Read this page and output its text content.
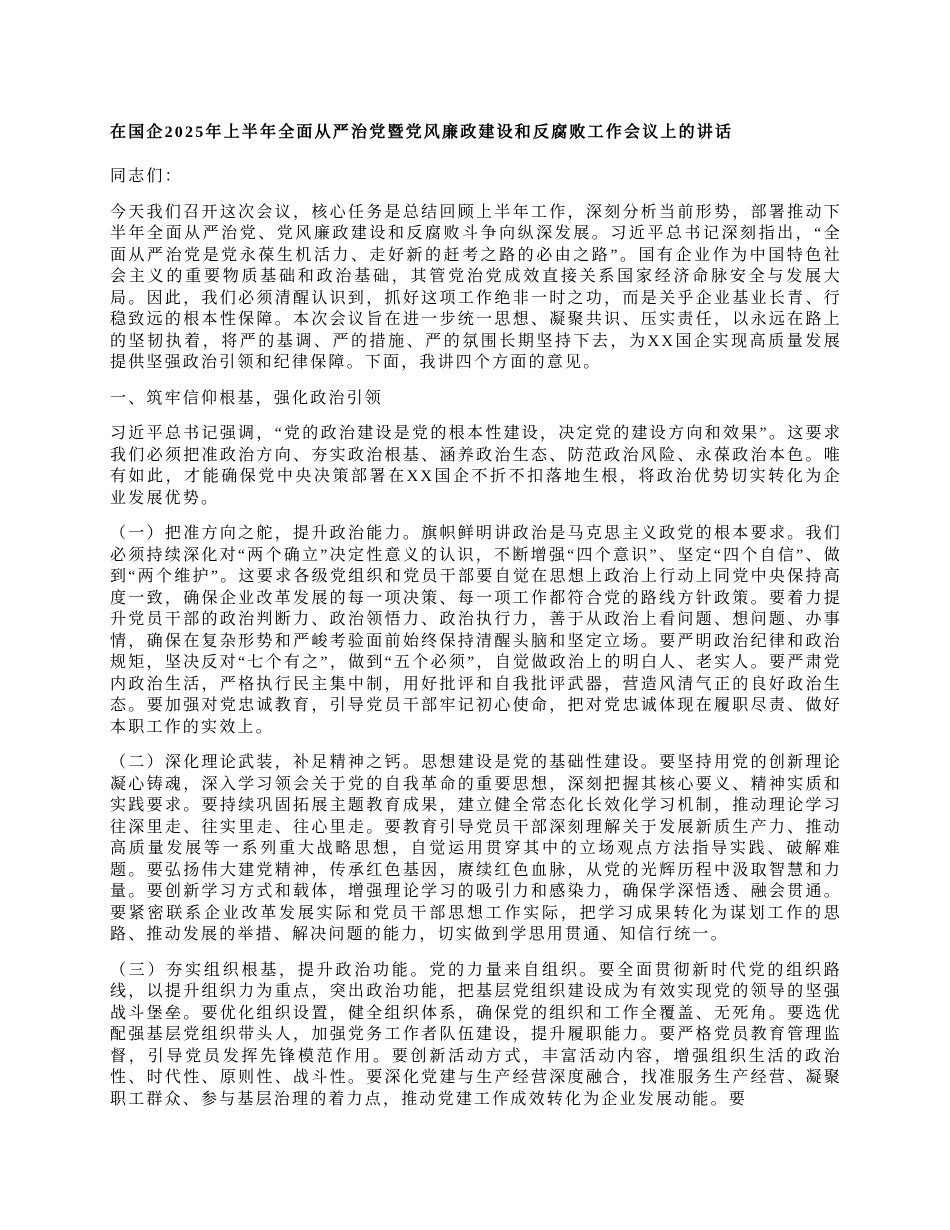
在国企2025年上半年全面从严治党暨党风廉政建设和反腐败工作会议上的讲话

同志们：

今天我们召开这次会议，核心任务是总结回顾上半年工作，深刻分析当前形势，部署推动下半年全面从严治党、党风廉政建设和反腐败斗争向纵深发展。习近平总书记深刻指出，“全面从严治党是党永葆生机活力、走好新的赶考之路的必由之路”。国有企业作为中国特色社会主义的重要物质基础和政治基础，其管党治党成效直接关系国家经济命脉安全与发展大局。因此，我们必须清醒认识到，抓好这项工作绝非一时之功，而是关乎企业基业长青、行稳致远的根本性保障。本次会议旨在进一步统一思想、凝聚共识、压实责任，以永远在路上的坚韧执着，将严的基调、严的措施、严的氛围长期坚持下去，为XX国企实现高质量发展提供坚强政治引领和纪律保障。下面，我讲四个方面的意见。

一、筑牢信仰根基，强化政治引领

习近平总书记强调，“党的政治建设是党的根本性建设，决定党的建设方向和效果”。这要求我们必须把准政治方向、夯实政治根基、涵养政治生态、防范政治风险、永葆政治本色。唯有如此，才能确保党中央决策部署在XX国企不折不扣落地生根，将政治优势切实转化为企业发展优势。

（一）把准方向之舵，提升政治能力。旗帜鲜明讲政治是马克思主义政党的根本要求。我们必须持续深化对“两个确立”决定性意义的认识，不断增强“四个意识”、坚定“四个自信”、做到“两个维护”。这要求各级党组织和党员干部要自觉在思想上政治上行动上同党中央保持高度一致，确保企业改革发展的每一项决策、每一项工作都符合党的路线方针政策。要着力提升党员干部的政治判断力、政治领悟力、政治执行力，善于从政治上看问题、想问题、办事情，确保在复杂形势和严峻考验面前始终保持清醒头脑和坚定立场。要严明政治纪律和政治规矩，坚决反对“七个有之”，做到“五个必须”，自觉做政治上的明白人、老实人。要严肃党内政治生活，严格执行民主集中制，用好批评和自我批评武器，营造风清气正的良好政治生态。要加强对党忠诚教育，引导党员干部牢记初心使命，把对党忠诚体现在履职尽责、做好本职工作的实效上。

（二）深化理论武装，补足精神之钙。思想建设是党的基础性建设。要坚持用党的创新理论凝心铸魂，深入学习领会关于党的自我革命的重要思想，深刻把握其核心要义、精神实质和实践要求。要持续巩固拓展主题教育成果，建立健全常态化长效化学习机制，推动理论学习往深里走、往实里走、往心里走。要教育引导党员干部深刻理解关于发展新质生产力、推动高质量发展等一系列重大战略思想，自觉运用贯穿其中的立场观点方法指导实践、破解难题。要弘扬伟大建党精神，传承红色基因，赓续红色血脉，从党的光辉历程中汲取智慧和力量。要创新学习方式和载体，增强理论学习的吸引力和感染力，确保学深悟透、融会贯通。要紧密联系企业改革发展实际和党员干部思想工作实际，把学习成果转化为谋划工作的思路、推动发展的举措、解决问题的能力，切实做到学思用贯通、知信行统一。

（三）夯实组织根基，提升政治功能。党的力量来自组织。要全面贯彻新时代党的组织路线，以提升组织力为重点，突出政治功能，把基层党组织建设成为有效实现党的领导的坚强战斗堡垒。要优化组织设置，健全组织体系，确保党的组织和工作全覆盖、无死角。要选优配强基层党组织带头人，加强党务工作者队伍建设，提升履职能力。要严格党员教育管理监督，引导党员发挥先锋模范作用。要创新活动方式，丰富活动内容，增强组织生活的政治性、时代性、原则性、战斗性。要深化党建与生产经营深度融合，找准服务生产经营、凝聚职工群众、参与基层治理的着力点，推动党建工作成效转化为企业发展动能。要
